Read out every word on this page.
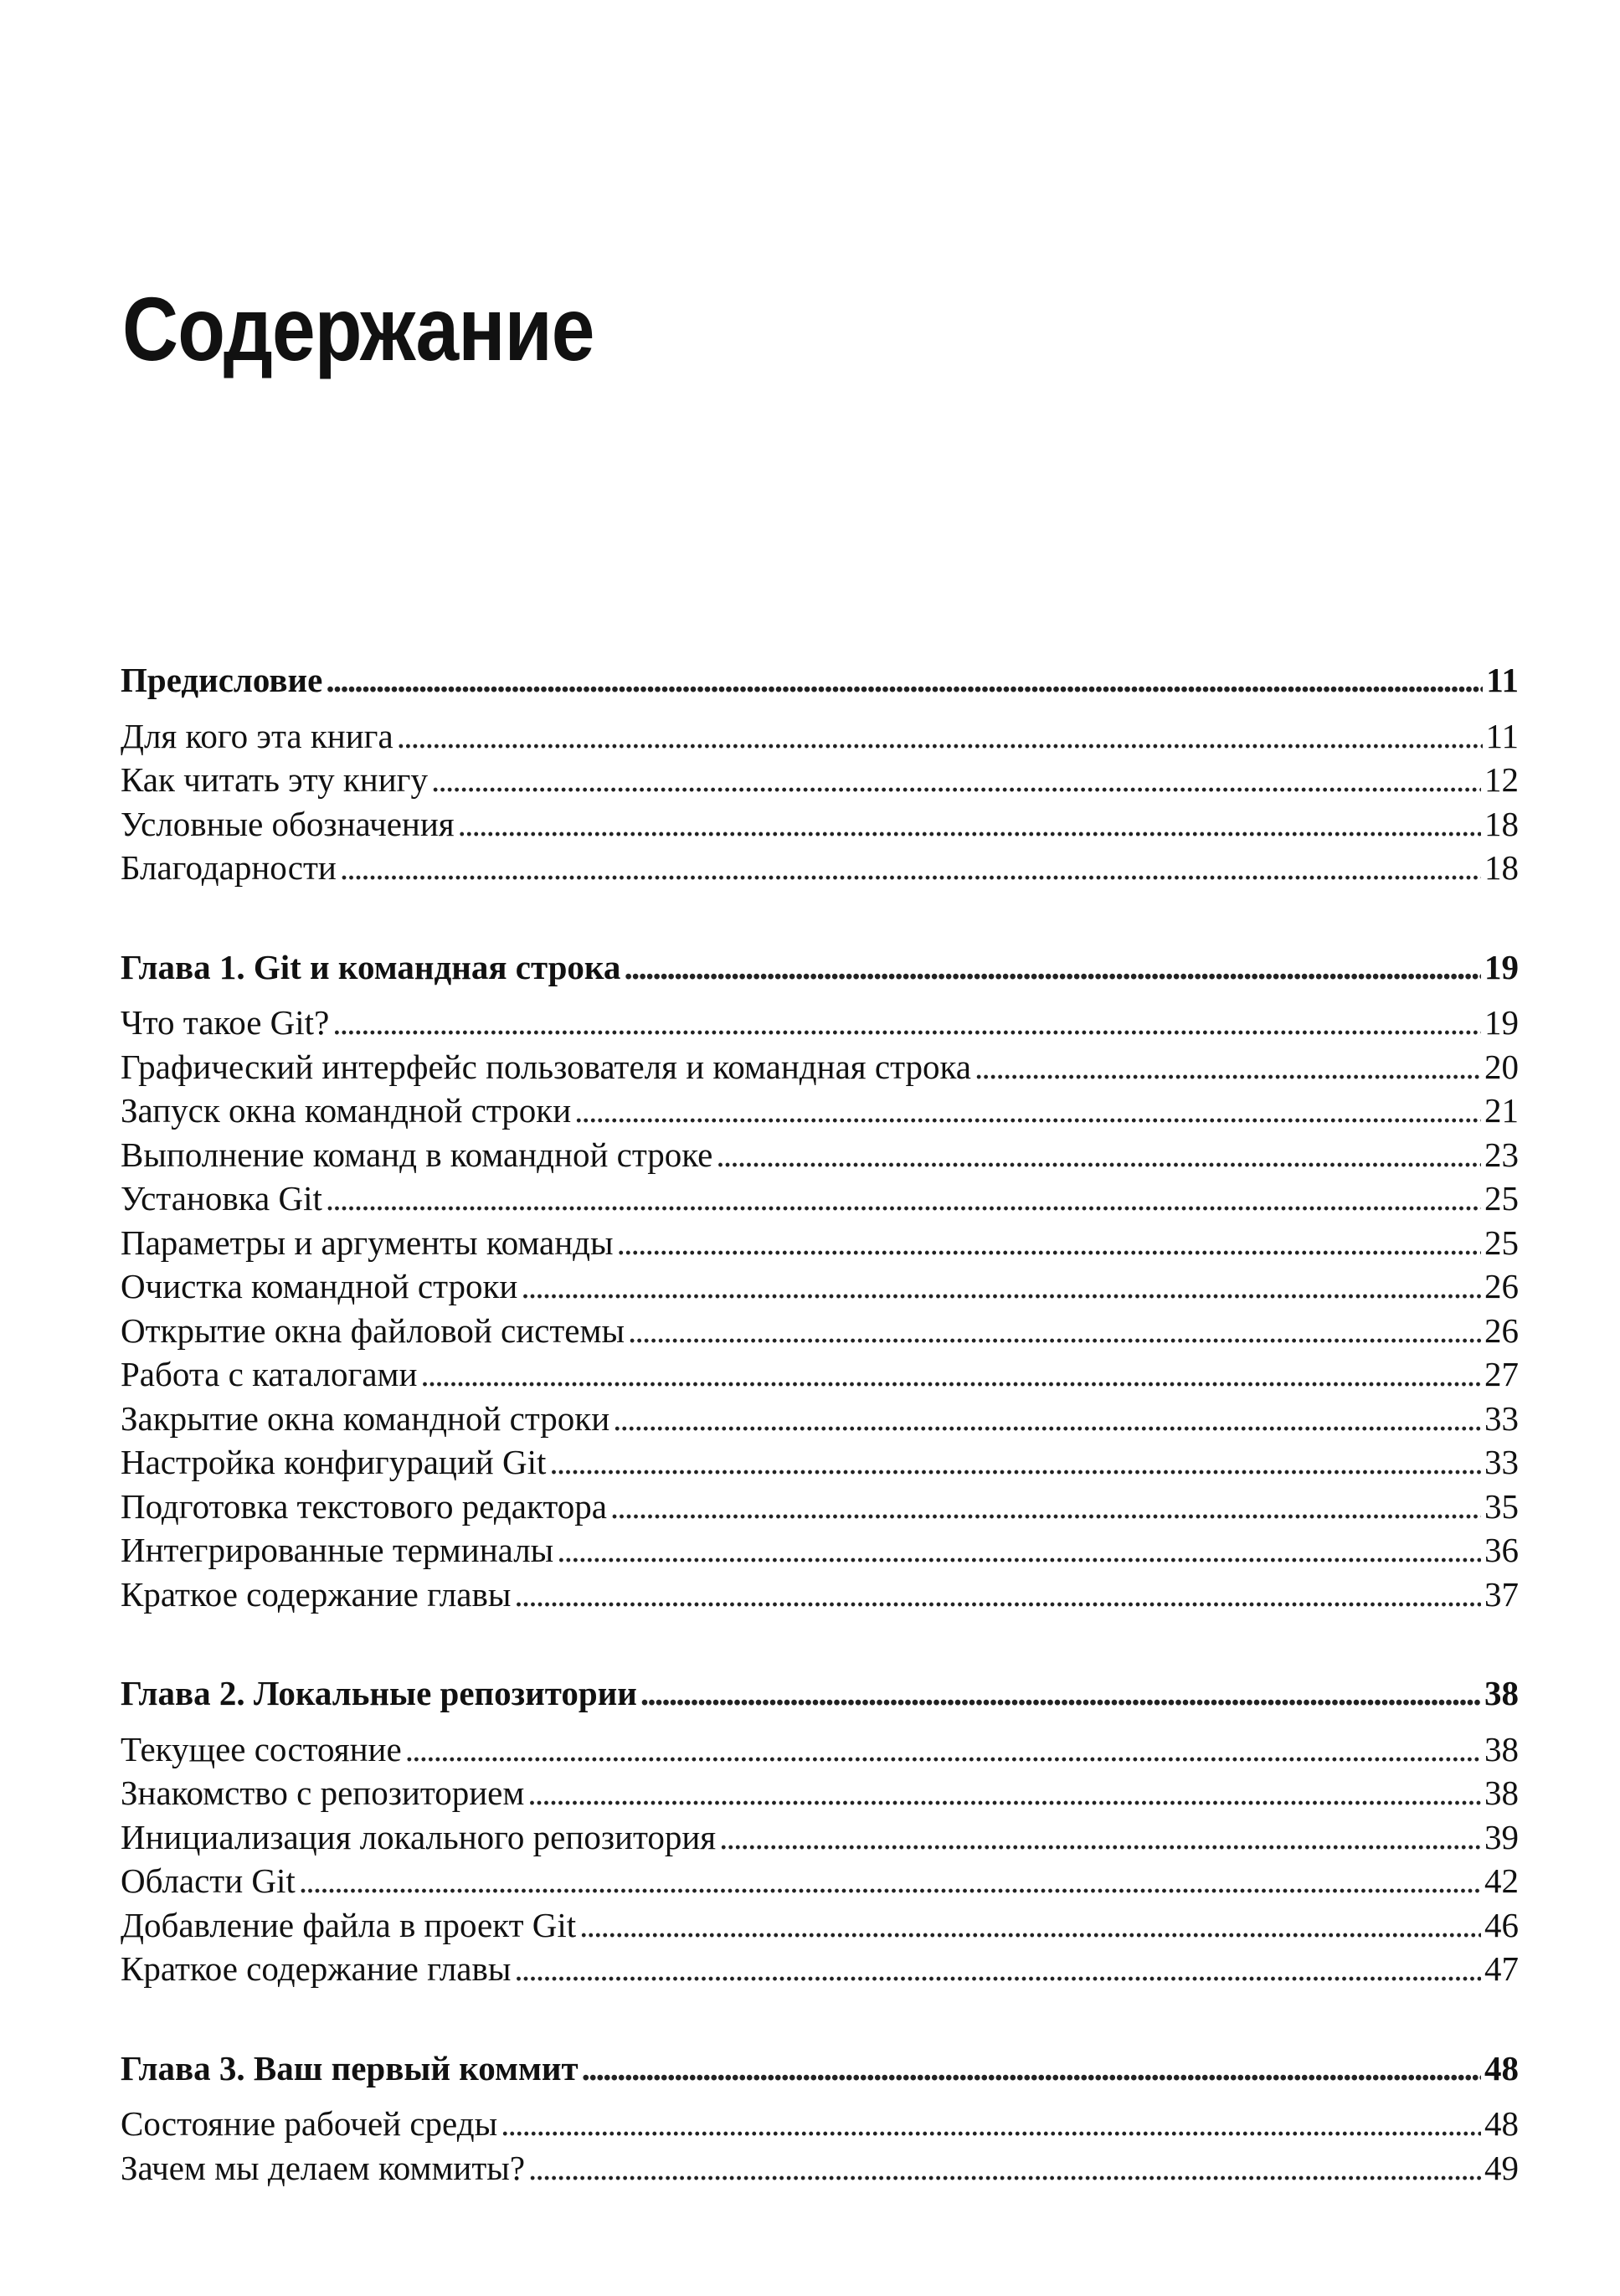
Содержание
Предисловие . . .	11
Для кого эта книга . . .	11
Как читать эту книгу . . .	12
Условные обозначения . . .	18
Благодарности . . .	18
Глава 1. Git и командная строка . . .	19
Что такое Git? . . .	19
Графический интерфейс пользователя и командная строка . . .	20
Запуск окна командной строки . . .	21
Выполнение команд в командной строке . . .	23
Установка Git . . .	25
Параметры и аргументы команды . . .	25
Очистка командной строки . . .	26
Открытие окна файловой системы . . .	26
Работа с каталогами . . .	27
Закрытие окна командной строки . . .	33
Настройка конфигураций Git . . .	33
Подготовка текстового редактора . . .	35
Интегрированные терминалы . . .	36
Краткое содержание главы . . .	37
Глава 2. Локальные репозитории . . .	38
Текущее состояние . . .	38
Знакомство с репозиторием . . .	38
Инициализация локального репозитория . . .	39
Области Git . . .	42
Добавление файла в проект Git . . .	46
Краткое содержание главы . . .	47
Глава 3. Ваш первый коммит . . .	48
Состояние рабочей среды . . .	48
Зачем мы делаем коммиты? . . .	49
